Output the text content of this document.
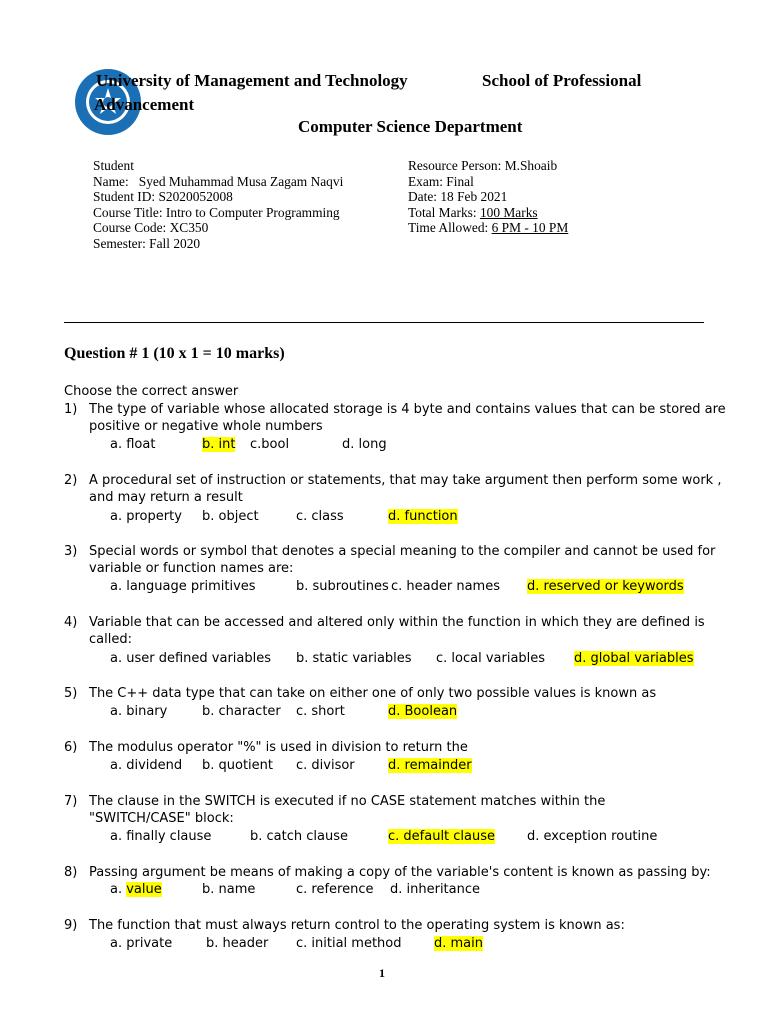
University of Management and Technology	School of Professional
Advancement
Computer Science Department
Student
Name: Syed Muhammad Musa Zagam Naqvi
Student ID: S2020052008
Course Title: Intro to Computer Programming
Course Code: XC350
Semester: Fall 2020
Resource Person: M.Shoaib
Exam: Final
Date: 18 Feb 2021
Total Marks: 100 Marks
Time Allowed: 6 PM - 10 PM
Question # 1 (10 x 1 = 10 marks)
Choose the correct answer
1) The type of variable whose allocated storage is 4 byte and contains values that can be stored are
positive or negative whole numbers
a. float	b. int c.bool	d. long
2) A procedural set of instruction or statements, that may take argument then perform some work ,
and may return a result
a. property b. object	c. class	d. function
3) Special words or symbol that denotes a special meaning to the compiler and cannot be used for
variable or function names are:
a. language primitives	b. subroutines c. header names d. reserved or keywords
4) Variable that can be accessed and altered only within the function in which they are defined is
called:
a. user defined variables b. static variables c. local variables d. global variables
5) The C++ data type that can take on either one of only two possible values is known as
a. binary	b. character c. short	d. Boolean
6) The modulus operator "%" is used in division to return the
a. dividend b. quotient c. divisor	d. remainder
7) The clause in the SWITCH is executed if no CASE statement matches within the
"SWITCH/CASE" block:
a. finally clause	b. catch clause	c. default clause d. exception routine
8) Passing argument be means of making a copy of the variable's content is known as passing by:
a. value	b. name	c. reference d. inheritance
9) The function that must always return control to the operating system is known as:
a. private	b. header c. initial method	d. main
1
